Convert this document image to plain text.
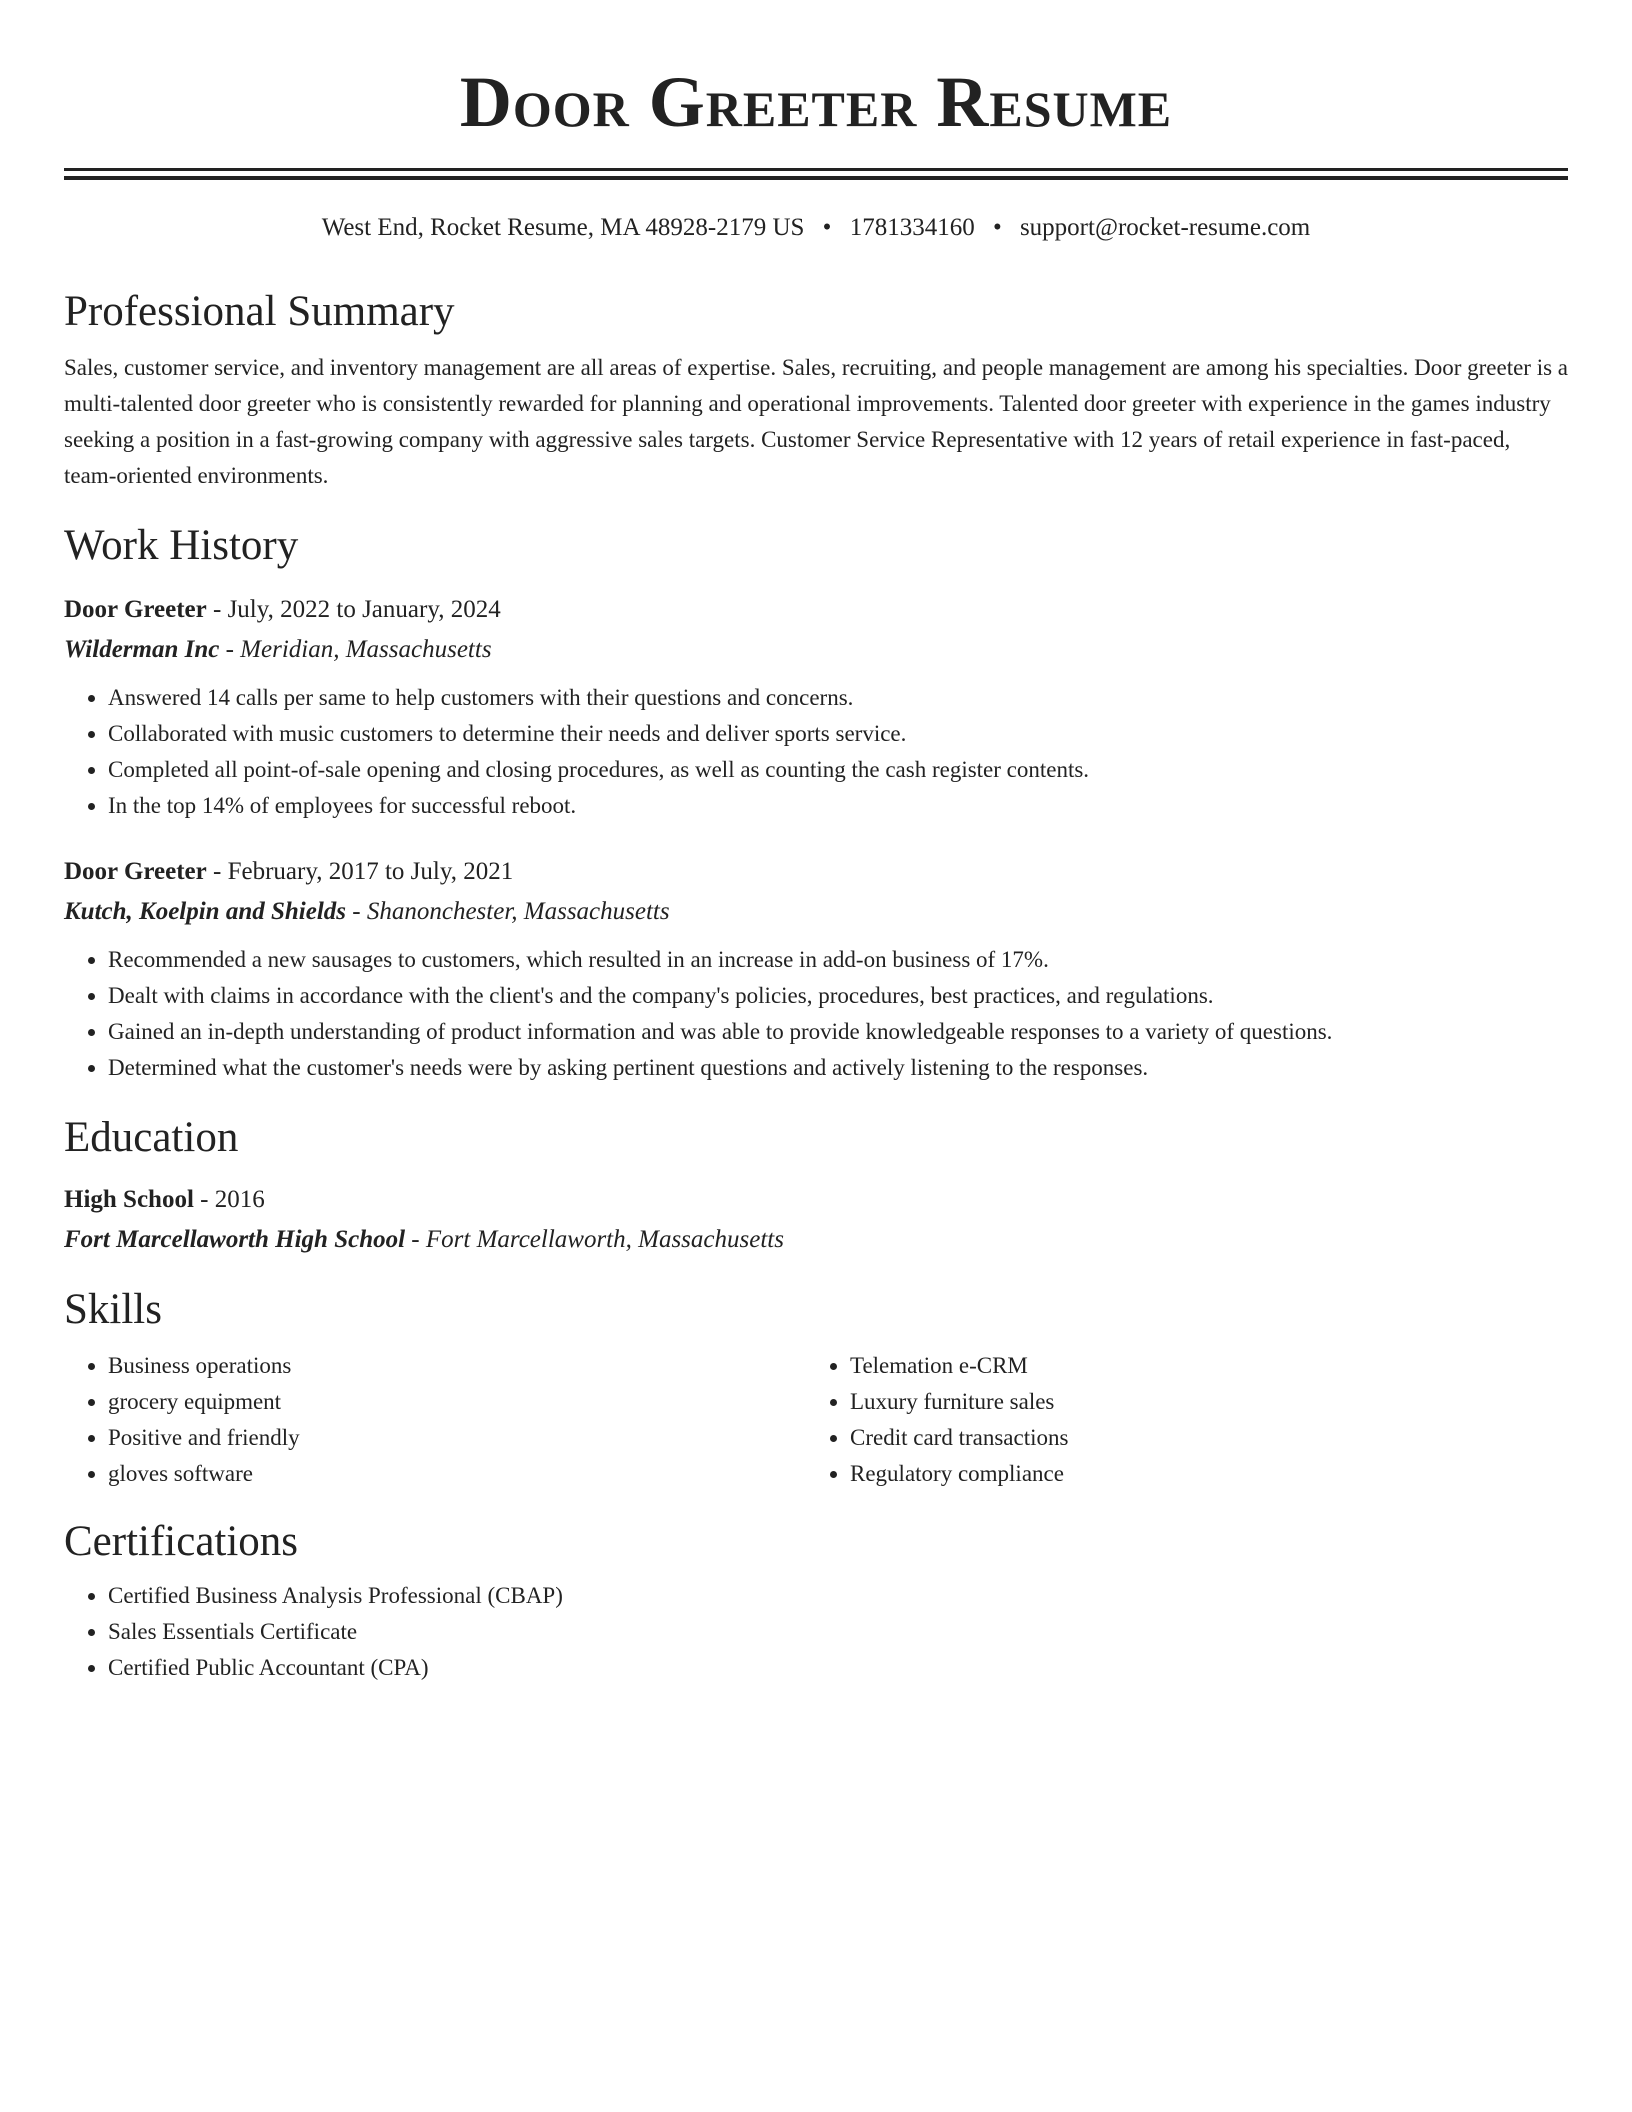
Door Greeter Resume
West End, Rocket Resume, MA 48928-2179 US • 1781334160 • support@rocket-resume.com
Professional Summary

Sales, customer service, and inventory management are all areas of expertise. Sales, recruiting, and people management are among his specialties. Door greeter is a multi-talented door greeter who is consistently rewarded for planning and operational improvements. Talented door greeter with experience in the games industry seeking a position in a fast-growing company with aggressive sales targets. Customer Service Representative with 12 years of retail experience in fast-paced, team-oriented environments.

Work History
Door Greeter - July, 2022 to January, 2024
Wilderman Inc - Meridian, Massachusetts
• Answered 14 calls per same to help customers with their questions and concerns.
• Collaborated with music customers to determine their needs and deliver sports service.
• Completed all point-of-sale opening and closing procedures, as well as counting the cash register contents.
• In the top 14% of employees for successful reboot.
Door Greeter - February, 2017 to July, 2021
Kutch, Koelpin and Shields - Shanonchester, Massachusetts
• Recommended a new sausages to customers, which resulted in an increase in add-on business of 17%.
• Dealt with claims in accordance with the client's and the company's policies, procedures, best practices, and regulations.
• Gained an in-depth understanding of product information and was able to provide knowledgeable responses to a variety of questions.
• Determined what the customer's needs were by asking pertinent questions and actively listening to the responses.
Education
High School - 2016
Fort Marcellaworth High School - Fort Marcellaworth, Massachusetts
Skills
• Business operations
• grocery equipment
• Positive and friendly
• gloves software
• Telemation e-CRM
• Luxury furniture sales
• Credit card transactions
• Regulatory compliance
Certifications
• Certified Business Analysis Professional (CBAP)
• Sales Essentials Certificate
• Certified Public Accountant (CPA)
